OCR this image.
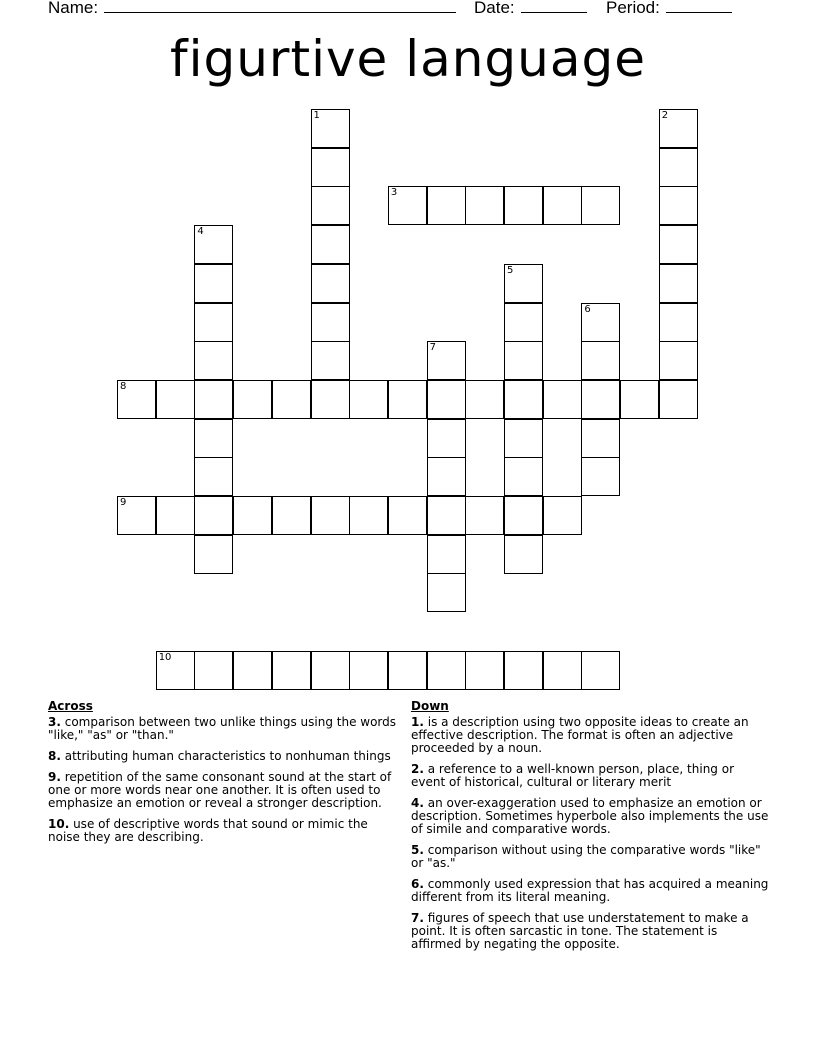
Name:	Date:	Period:
figurtive language
1	2
3
4
5
6
7
8
9
10
Across
3. comparison between two unlike things using the words "like," "as" or "than."
8. attributing human characteristics to nonhuman things
9. repetition of the same consonant sound at the start of one or more words near one another. It is often used to emphasize an emotion or reveal a stronger description.
10. use of descriptive words that sound or mimic the noise they are describing.
Down
1. is a description using two opposite ideas to create an effective description. The format is often an adjective proceeded by a noun.
2. a reference to a well-known person, place, thing or event of historical, cultural or literary merit
4. an over-exaggeration used to emphasize an emotion or description. Sometimes hyperbole also implements the use of simile and comparative words.
5. comparison without using the comparative words "like" or "as."
6. commonly used expression that has acquired a meaning different from its literal meaning.
7. figures of speech that use understatement to make a point. It is often sarcastic in tone. The statement is affirmed by negating the opposite.
